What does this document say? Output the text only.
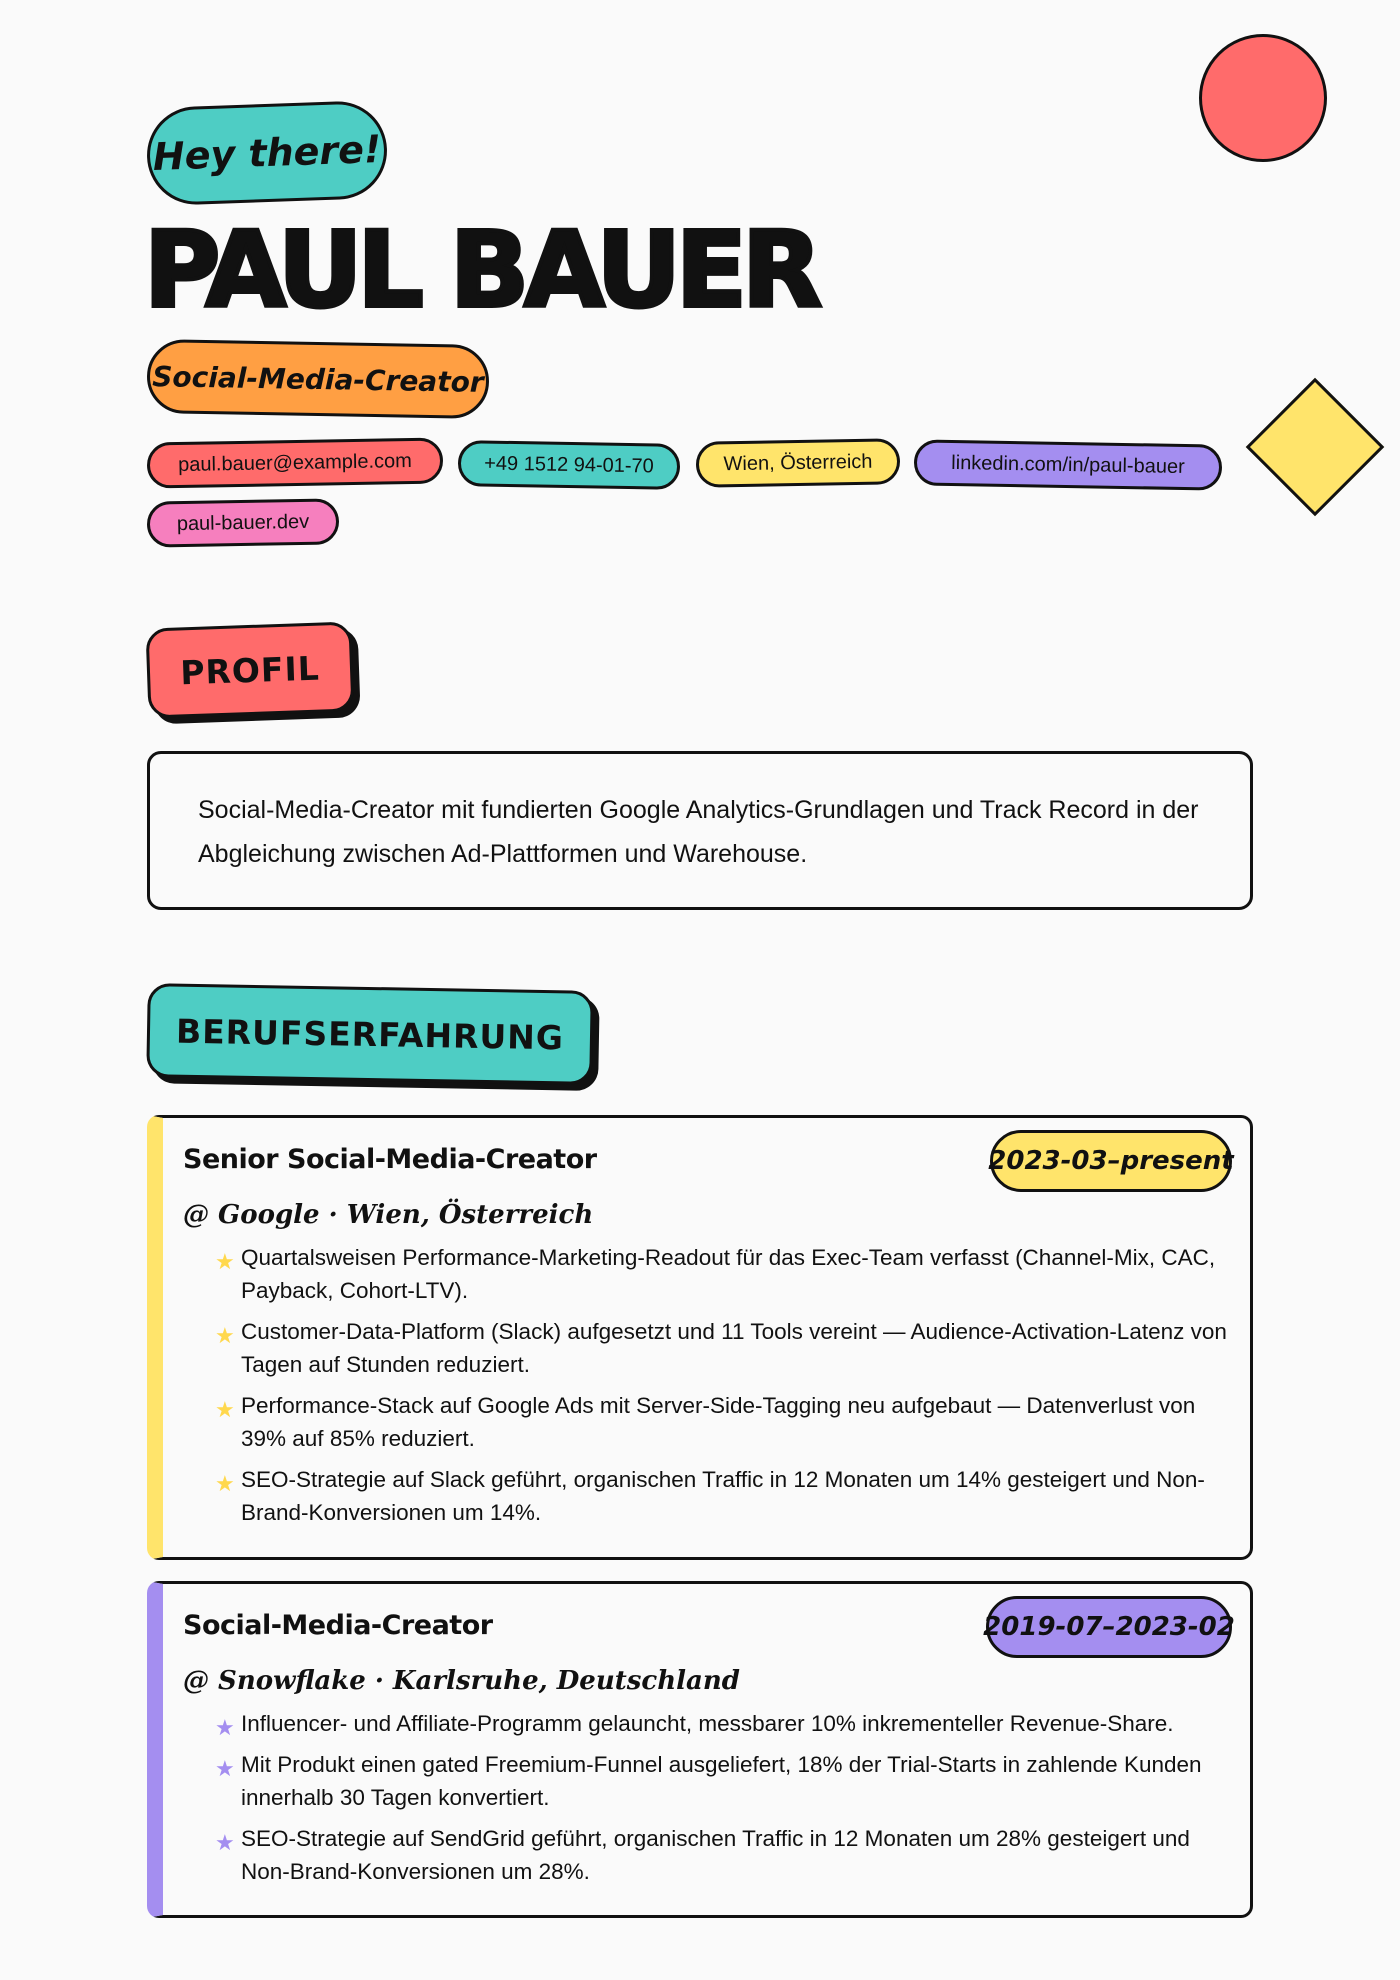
Hey there!
PAUL BAUER
Social-Media-Creator
paul.bauer@example.com	+49 1512 94-01-70	Wien, Österreich	linkedin.com/in/paul-bauer
paul-bauer.dev
PROFIL
Social-Media-Creator mit fundierten Google Analytics-Grundlagen und Track Record in der Abgleichung zwischen Ad-Plattformen und Warehouse.
BERUFSERFAHRUNG
Senior Social-Media-Creator	2023-03–present
@ Google · Wien, Österreich
★ Quartalsweisen Performance-Marketing-Readout für das Exec-Team verfasst (Channel-Mix, CAC, Payback, Cohort-LTV).
★ Customer-Data-Platform (Slack) aufgesetzt und 11 Tools vereint — Audience-Activation-Latenz von Tagen auf Stunden reduziert.
★ Performance-Stack auf Google Ads mit Server-Side-Tagging neu aufgebaut — Datenverlust von 39% auf 85% reduziert.
★ SEO-Strategie auf Slack geführt, organischen Traffic in 12 Monaten um 14% gesteigert und Non-Brand-Konversionen um 14%.
Social-Media-Creator	2019-07–2023-02
@ Snowflake · Karlsruhe, Deutschland
★ Influencer- und Affiliate-Programm gelauncht, messbarer 10% inkrementeller Revenue-Share.
★ Mit Produkt einen gated Freemium-Funnel ausgeliefert, 18% der Trial-Starts in zahlende Kunden innerhalb 30 Tagen konvertiert.
★ SEO-Strategie auf SendGrid geführt, organischen Traffic in 12 Monaten um 28% gesteigert und Non-Brand-Konversionen um 28%.
